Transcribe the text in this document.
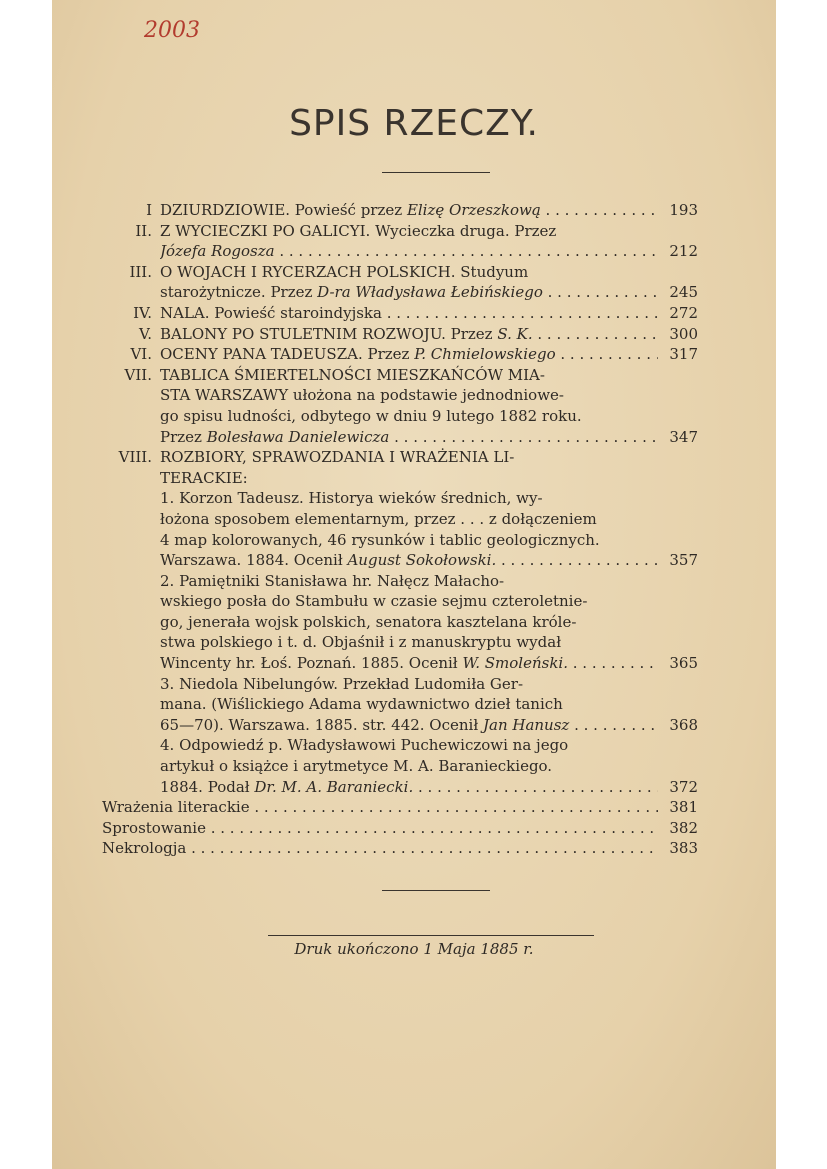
2003
SPIS RZECZY.
I DZIURDZIOWIE. Powieść przez Elizę Orzeszkową . . .	193
II. Z WYCIECZKI PO GALICYI. Wycieczka druga. Przez
Józefa Rogosza . . .	212
III. O WOJACH I RYCERZACH POLSKICH. Studyum
starożytnicze. Przez D-ra Władysława Łebińskiego . . .	245
IV. NALA. Powieść staroindyjska . . .	272
V. BALONY PO STULETNIM ROZWOJU. Przez S. K. . . .	300
VI. OCENY PANA TADEUSZA. Przez P. Chmielowskiego . . .	317
VII. TABLICA ŚMIERTELNOŚCI MIESZKAŃCÓW MIA-
STA WARSZAWY ułożona na podstawie jednodniowe-
go spisu ludności, odbytego w dniu 9 lutego 1882 roku.
Przez Bolesława Danielewicza . . .	347
VIII. ROZBIORY, SPRAWOZDANIA I WRAŻENIA LI-
TERACKIE:
1. Korzon Tadeusz. Historya wieków średnich, wy-
łożona sposobem elementarnym, przez . . . z dołączeniem
4 map kolorowanych, 46 rysunków i tablic geologicznych.
Warszawa. 1884. Ocenił August Sokołowski. . . .	357
2. Pamiętniki Stanisława hr. Nałęcz Małacho-
wskiego posła do Stambułu w czasie sejmu czteroletnie-
go, jenerała wojsk polskich, senatora kasztelana króle-
stwa polskiego i t. d. Objaśnił i z manuskryptu wydał
Wincenty hr. Łoś. Poznań. 1885. Ocenił W. Smoleński. . . .	365
3. Niedola Nibelungów. Przekład Ludomiła Ger-
mana. (Wiślickiego Adama wydawnictwo dzieł tanich
65—70). Warszawa. 1885. str. 442. Ocenił Jan Hanusz . . .	368
4. Odpowiedź p. Władysławowi Puchewiczowi na jego
artykuł o książce i arytmetyce M. A. Baranieckiego.
1884. Podał Dr. M. A. Baraniecki. . . .	372
Wrażenia literackie . . .	381
Sprostowanie . . .	382
Nekrologja . . .	383
Druk ukończono 1 Maja 1885 r.
